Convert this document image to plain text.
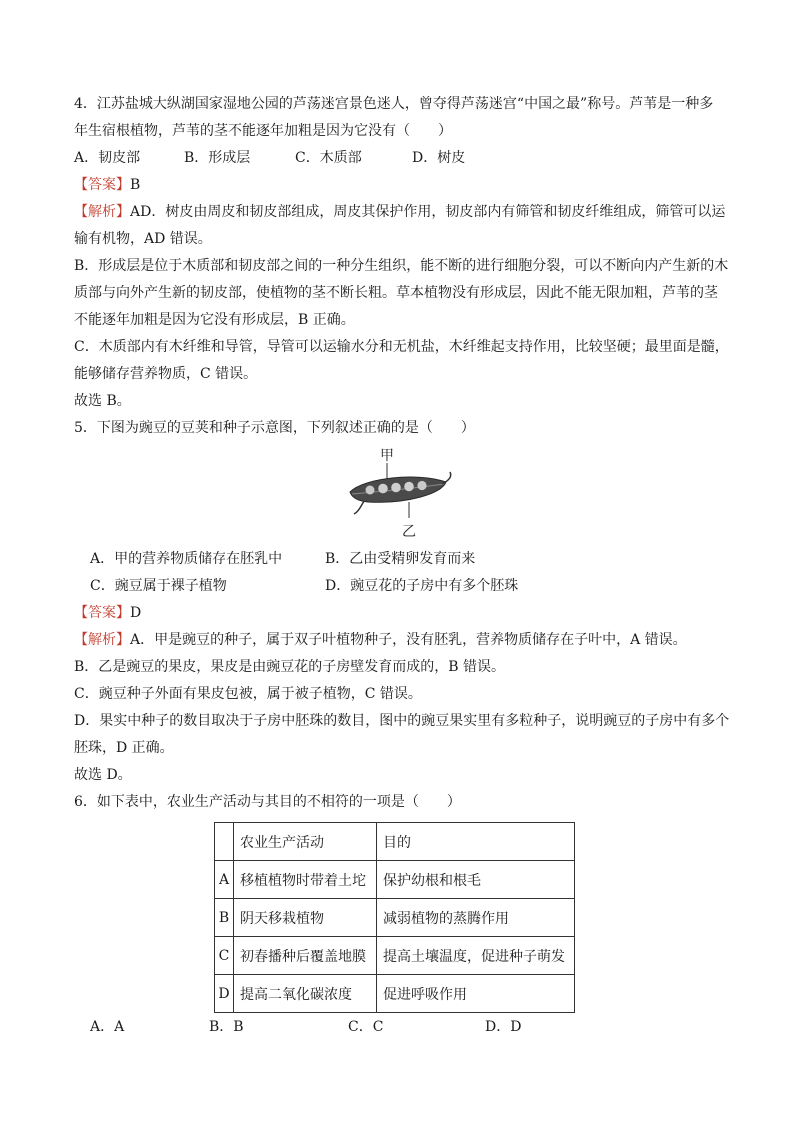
4．江苏盐城大纵湖国家湿地公园的芦荡迷宫景色迷人，曾夺得芦荡迷宫“中国之最”称号。芦苇是一种多

年生宿根植物，芦苇的茎不能逐年加粗是因为它没有（　　）

A．韧皮部	B．形成层	C．木质部	D．树皮

【答案】B

【解析】AD．树皮由周皮和韧皮部组成，周皮其保护作用，韧皮部内有筛管和韧皮纤维组成，筛管可以运

输有机物，AD 错误。

B．形成层是位于木质部和韧皮部之间的一种分生组织，能不断的进行细胞分裂，可以不断向内产生新的木

质部与向外产生新的韧皮部，使植物的茎不断长粗。草本植物没有形成层，因此不能无限加粗，芦苇的茎

不能逐年加粗是因为它没有形成层，B 正确。

C．木质部内有木纤维和导管，导管可以运输水分和无机盐，木纤维起支持作用，比较坚硬；最里面是髓，

能够储存营养物质，C 错误。

故选 B。

5．下图为豌豆的豆荚和种子示意图，下列叙述正确的是（　　）

甲
乙
A．甲的营养物质储存在胚乳中	B．乙由受精卵发育而来
C．豌豆属于裸子植物	D．豌豆花的子房中有多个胚珠

【答案】D

【解析】A．甲是豌豆的种子，属于双子叶植物种子，没有胚乳，营养物质储存在子叶中，A 错误。

B．乙是豌豆的果皮，果皮是由豌豆花的子房壁发育而成的，B 错误。

C．豌豆种子外面有果皮包被，属于被子植物，C 错误。

D．果实中种子的数目取决于子房中胚珠的数目，图中的豌豆果实里有多粒种子，说明豌豆的子房中有多个

胚珠，D 正确。

故选 D。

6．如下表中，农业生产活动与其目的不相符的一项是（　　）

	农业生产活动	目的
A	移植植物时带着土坨	保护幼根和根毛
B	阴天移栽植物	减弱植物的蒸腾作用
C	初春播种后覆盖地膜	提高土壤温度，促进种子萌发
D	提高二氧化碳浓度	促进呼吸作用
A．A	B．B	C．C	D．D
